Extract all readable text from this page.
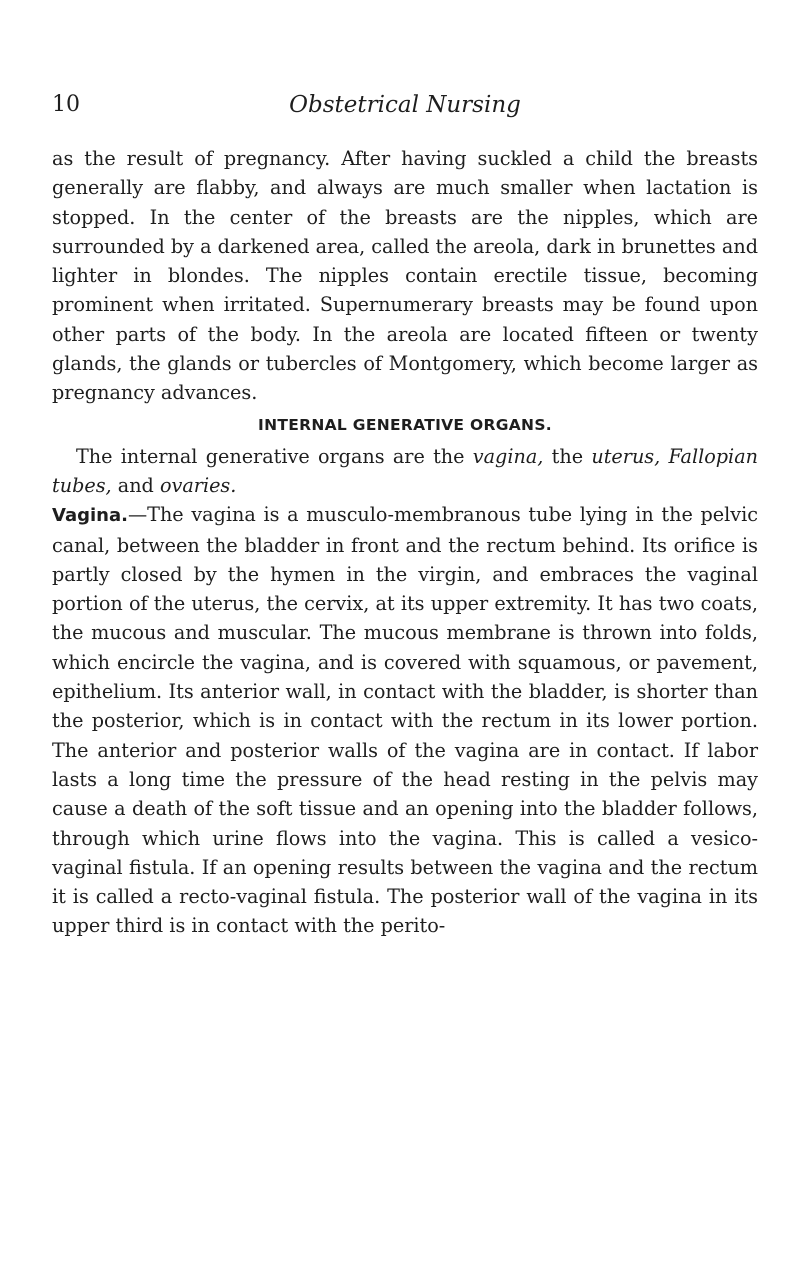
10	Obstetrical Nursing

as the result of pregnancy. After having suckled a child the breasts generally are flabby, and always are much smaller when lactation is stopped. In the center of the breasts are the nipples, which are surrounded by a darkened area, called the areola, dark in brunettes and lighter in blondes. The nipples contain erectile tissue, becoming prominent when irritated. Supernumerary breasts may be found upon other parts of the body. In the areola are located fifteen or twenty glands, the glands or tubercles of Montgomery, which become larger as pregnancy advances.

INTERNAL GENERATIVE ORGANS.

The internal generative organs are the vagina, the uterus, Fallopian tubes, and ovaries.

Vagina.—The vagina is a musculo-membranous tube lying in the pelvic canal, between the bladder in front and the rectum behind. Its orifice is partly closed by the hymen in the virgin, and embraces the vaginal portion of the uterus, the cervix, at its upper extremity. It has two coats, the mucous and muscular. The mucous membrane is thrown into folds, which encircle the vagina, and is covered with squamous, or pavement, epithelium. Its anterior wall, in contact with the bladder, is shorter than the posterior, which is in contact with the rectum in its lower portion. The anterior and posterior walls of the vagina are in contact. If labor lasts a long time the pressure of the head resting in the pelvis may cause a death of the soft tissue and an opening into the bladder follows, through which urine flows into the vagina. This is called a vesico-vaginal fistula. If an opening results between the vagina and the rectum it is called a recto-vaginal fistula. The posterior wall of the vagina in its upper third is in contact with the perito-
